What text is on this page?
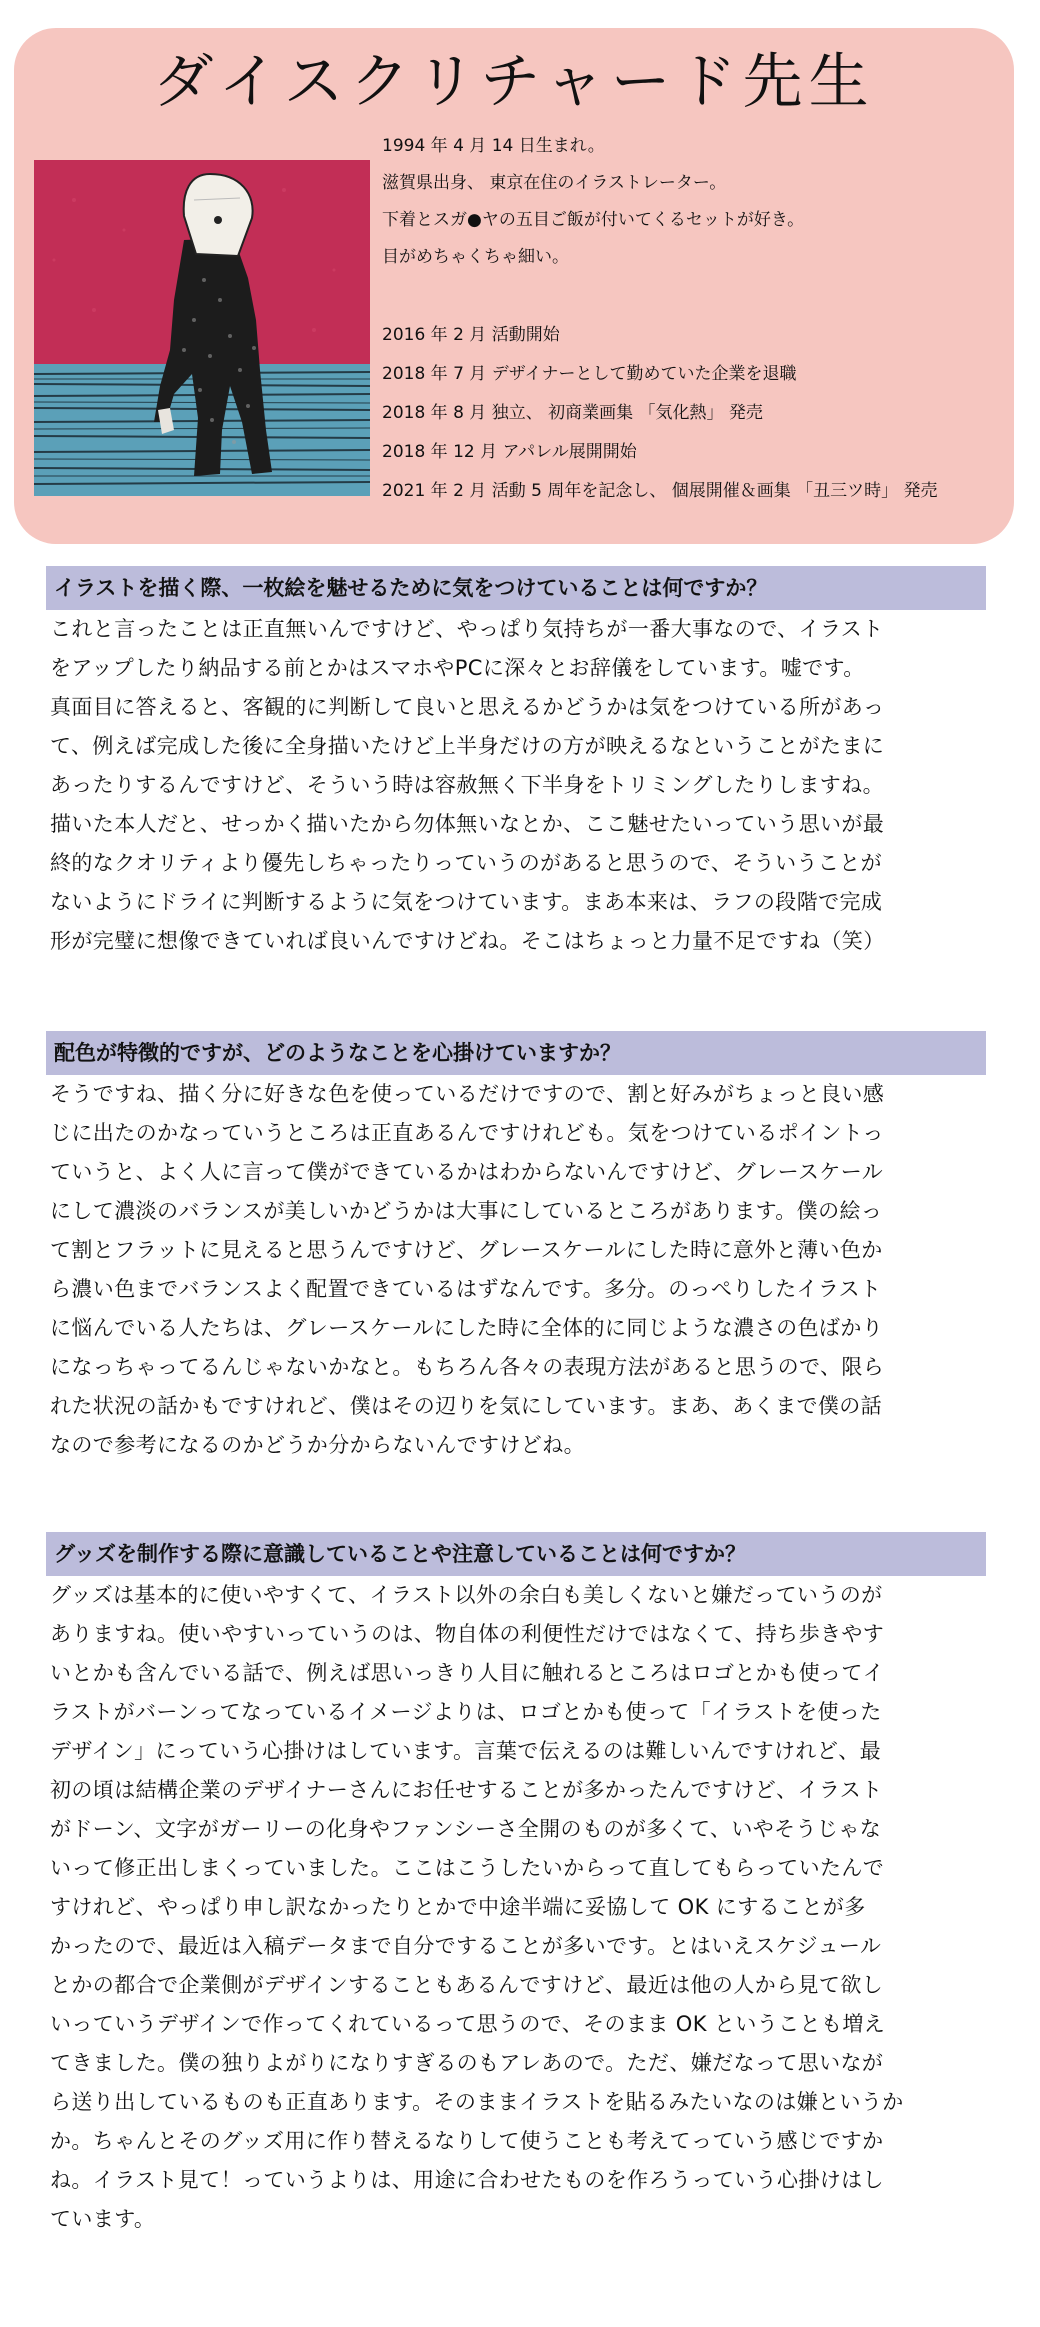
ダイスクリチャード先生
1994 年 4 月 14 日生まれ。
滋賀県出身、 東京在住のイラストレーター。
下着とスガ●ヤの五目ご飯が付いてくるセットが好き。
目がめちゃくちゃ細い。
2016 年 2 月 活動開始
2018 年 7 月 デザイナーとして勤めていた企業を退職
2018 年 8 月 独立、 初商業画集 「気化熱」 発売
2018 年 12 月 アパレル展開開始
2021 年 2 月 活動 5 周年を記念し、 個展開催＆画集 「丑三ツ時」 発売
イラストを描く際、一枚絵を魅せるために気をつけていることは何ですか？
これと言ったことは正直無いんですけど、やっぱり気持ちが一番大事なので、イラスト
をアップしたり納品する前とかはスマホやPCに深々とお辞儀をしています。嘘です。
真面目に答えると、客観的に判断して良いと思えるかどうかは気をつけている所があっ
て、例えば完成した後に全身描いたけど上半身だけの方が映えるなということがたまに
あったりするんですけど、そういう時は容赦無く下半身をトリミングしたりしますね。
描いた本人だと、せっかく描いたから勿体無いなとか、ここ魅せたいっていう思いが最
終的なクオリティより優先しちゃったりっていうのがあると思うので、そういうことが
ないようにドライに判断するように気をつけています。まあ本来は、ラフの段階で完成
形が完璧に想像できていれば良いんですけどね。そこはちょっと力量不足ですね（笑）
配色が特徴的ですが、どのようなことを心掛けていますか？
そうですね、描く分に好きな色を使っているだけですので、割と好みがちょっと良い感
じに出たのかなっていうところは正直あるんですけれども。気をつけているポイントっ
ていうと、よく人に言って僕ができているかはわからないんですけど、グレースケール
にして濃淡のバランスが美しいかどうかは大事にしているところがあります。僕の絵っ
て割とフラットに見えると思うんですけど、グレースケールにした時に意外と薄い色か
ら濃い色までバランスよく配置できているはずなんです。多分。のっぺりしたイラスト
に悩んでいる人たちは、グレースケールにした時に全体的に同じような濃さの色ばかり
になっちゃってるんじゃないかなと。もちろん各々の表現方法があると思うので、限ら
れた状況の話かもですけれど、僕はその辺りを気にしています。まあ、あくまで僕の話
なので参考になるのかどうか分からないんですけどね。
グッズを制作する際に意識していることや注意していることは何ですか？
グッズは基本的に使いやすくて、イラスト以外の余白も美しくないと嫌だっていうのが
ありますね。使いやすいっていうのは、物自体の利便性だけではなくて、持ち歩きやす
いとかも含んでいる話で、例えば思いっきり人目に触れるところはロゴとかも使ってイ
ラストがバーンってなっているイメージよりは、ロゴとかも使って「イラストを使った
デザイン」にっていう心掛けはしています。言葉で伝えるのは難しいんですけれど、最
初の頃は結構企業のデザイナーさんにお任せすることが多かったんですけど、イラスト
がドーン、文字がガーリーの化身やファンシーさ全開のものが多くて、いやそうじゃな
いって修正出しまくっていました。ここはこうしたいからって直してもらっていたんで
すけれど、やっぱり申し訳なかったりとかで中途半端に妥協して OK にすることが多
かったので、最近は入稿データまで自分ですることが多いです。とはいえスケジュール
とかの都合で企業側がデザインすることもあるんですけど、最近は他の人から見て欲し
いっていうデザインで作ってくれているって思うので、そのまま OK ということも増え
てきました。僕の独りよがりになりすぎるのもアレあので。ただ、嫌だなって思いなが
ら送り出しているものも正直あります。そのままイラストを貼るみたいなのは嫌というか
か。ちゃんとそのグッズ用に作り替えるなりして使うことも考えてっていう感じですか
ね。イラスト見て！っていうよりは、用途に合わせたものを作ろうっていう心掛けはし
ています。
